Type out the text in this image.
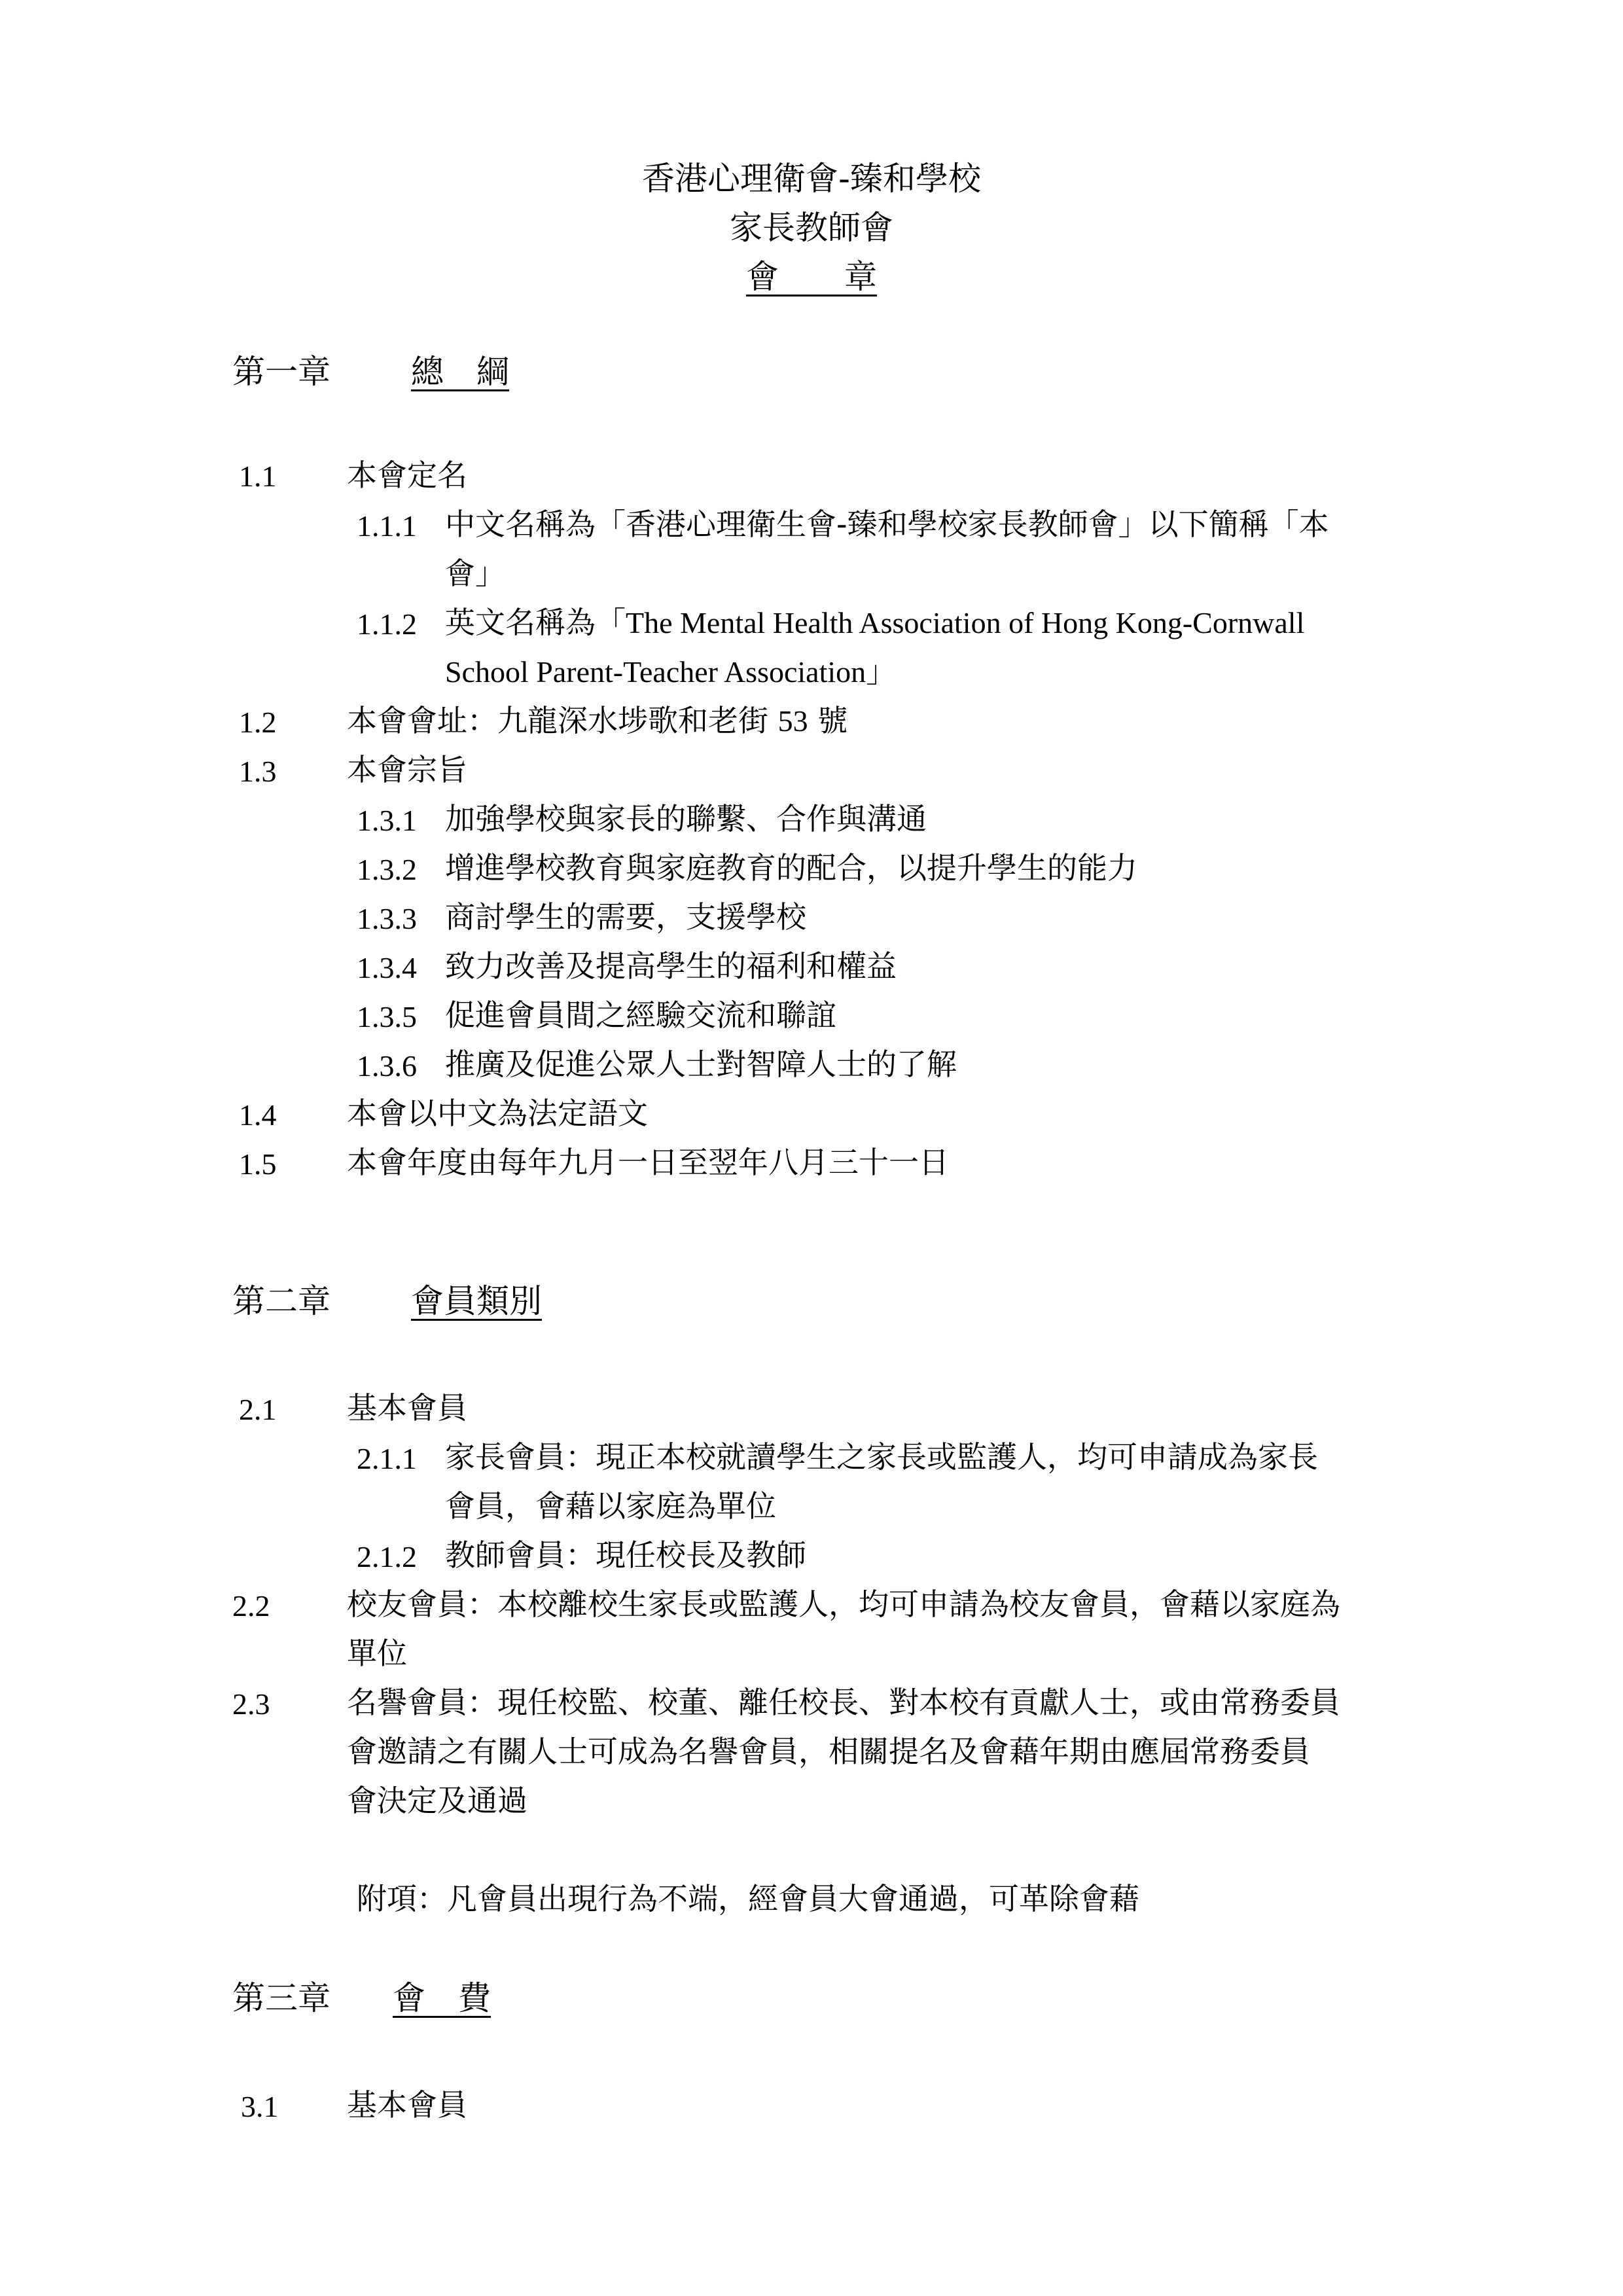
香港心理衛會-臻和學校
家長教師會
會　　章
第一章 總　綱
1.1 本會定名
1.1.1 中文名稱為「香港心理衛生會-臻和學校家長教師會」以下簡稱「本
會」
1.1.2 英文名稱為「The Mental Health Association of Hong Kong-Cornwall
School Parent-Teacher Association」
1.2 本會會址：九龍深水埗歌和老街 53 號
1.3 本會宗旨
1.3.1 加強學校與家長的聯繫、合作與溝通
1.3.2 增進學校教育與家庭教育的配合，以提升學生的能力
1.3.3 商討學生的需要，支援學校
1.3.4 致力改善及提高學生的福利和權益
1.3.5 促進會員間之經驗交流和聯誼
1.3.6 推廣及促進公眾人士對智障人士的了解
1.4 本會以中文為法定語文
1.5 本會年度由每年九月一日至翌年八月三十一日
第二章 會員類別
2.1 基本會員
2.1.1 家長會員：現正本校就讀學生之家長或監護人，均可申請成為家長
會員，會藉以家庭為單位
2.1.2 教師會員：現任校長及教師
2.2	校友會員：本校離校生家長或監護人，均可申請為校友會員，會藉以家庭為
單位
2.3	名譽會員：現任校監、校董、離任校長、對本校有貢獻人士，或由常務委員
會邀請之有關人士可成為名譽會員，相關提名及會藉年期由應屆常務委員
會決定及通過
附項：凡會員出現行為不端，經會員大會通過，可革除會藉
第三章 會　費
3.1 基本會員
